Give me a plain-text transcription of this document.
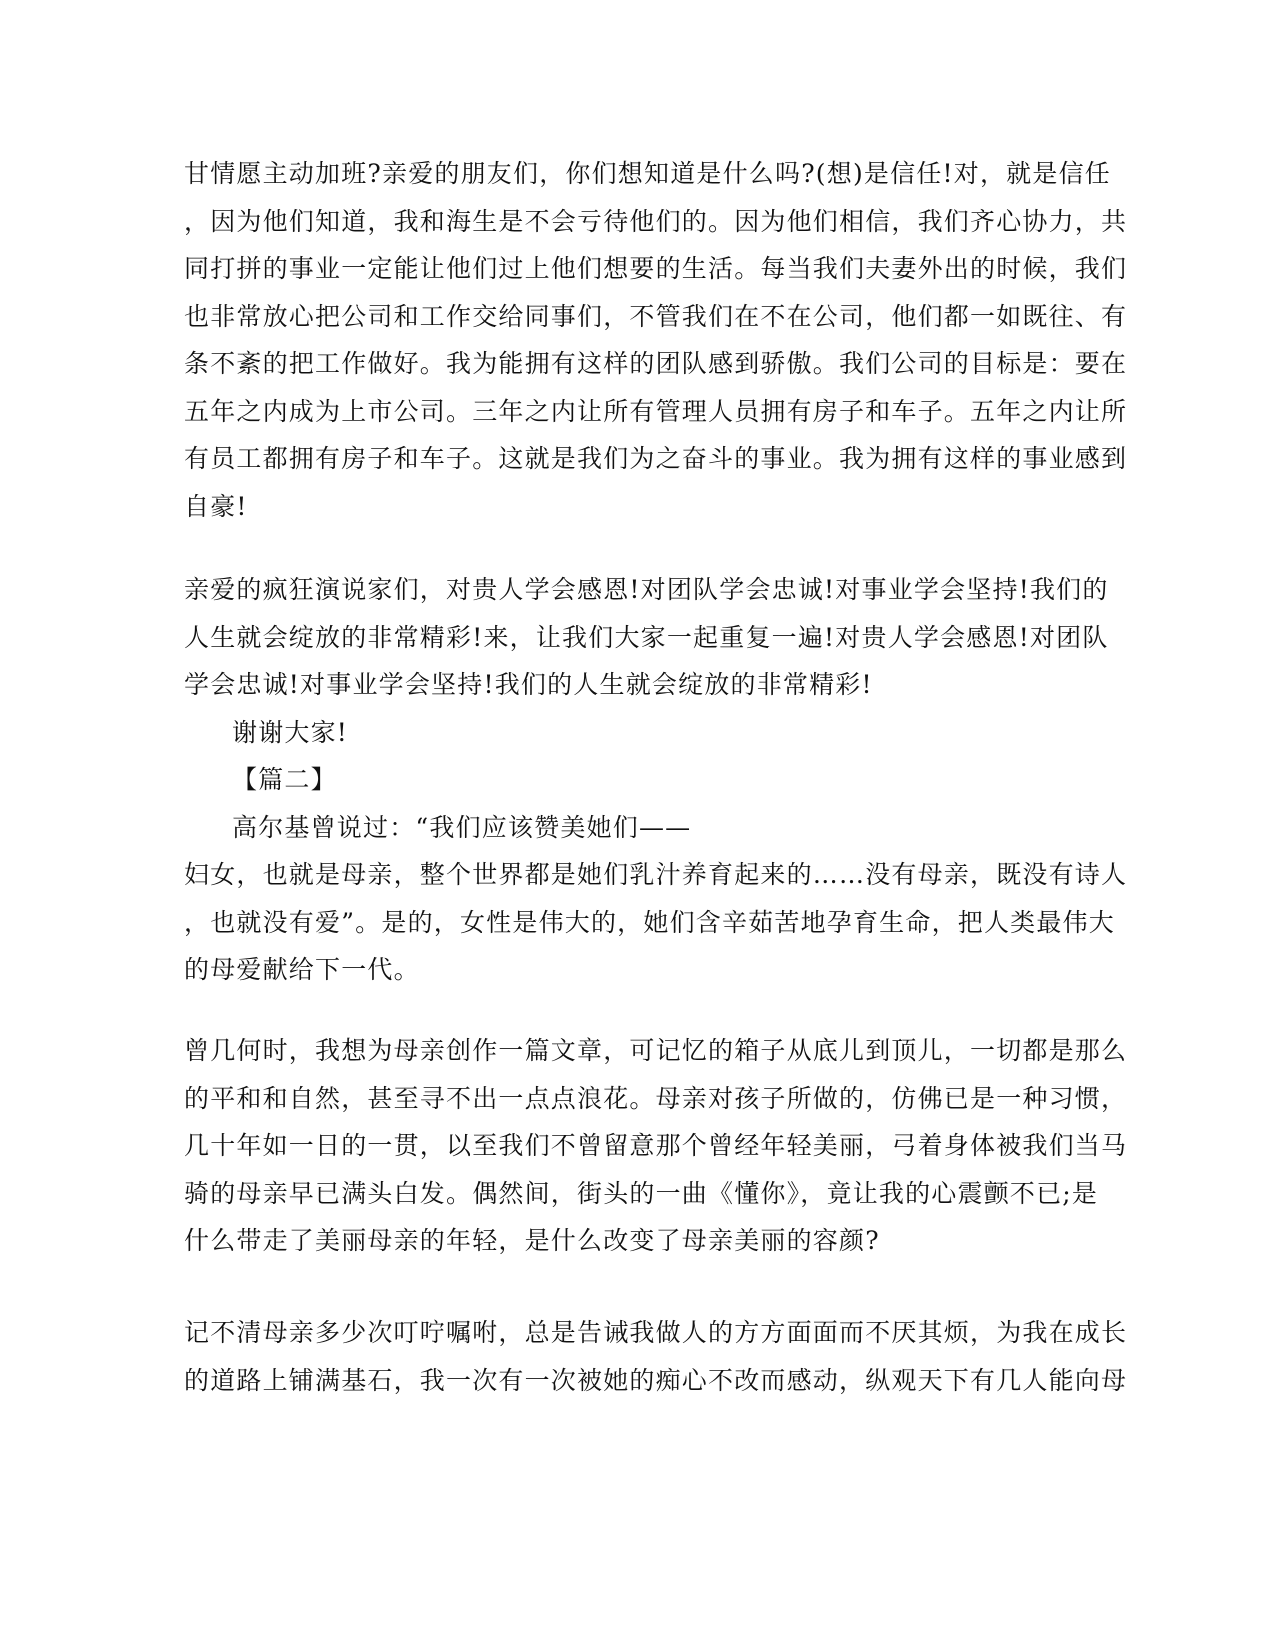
甘情愿主动加班?亲爱的朋友们，你们想知道是什么吗?(想)是信任!对，就是信任
，因为他们知道，我和海生是不会亏待他们的。因为他们相信，我们齐心协力，共
同打拼的事业一定能让他们过上他们想要的生活。每当我们夫妻外出的时候，我们
也非常放心把公司和工作交给同事们，不管我们在不在公司，他们都一如既往、有
条不紊的把工作做好。我为能拥有这样的团队感到骄傲。我们公司的目标是：要在
五年之内成为上市公司。三年之内让所有管理人员拥有房子和车子。五年之内让所
有员工都拥有房子和车子。这就是我们为之奋斗的事业。我为拥有这样的事业感到
自豪!
亲爱的疯狂演说家们，对贵人学会感恩!对团队学会忠诚!对事业学会坚持!我们的
人生就会绽放的非常精彩!来，让我们大家一起重复一遍!对贵人学会感恩!对团队
学会忠诚!对事业学会坚持!我们的人生就会绽放的非常精彩!
谢谢大家!
【篇二】
高尔基曾说过：“我们应该赞美她们——
妇女，也就是母亲，整个世界都是她们乳汁养育起来的……没有母亲，既没有诗人
，也就没有爱”。是的，女性是伟大的，她们含辛茹苦地孕育生命，把人类最伟大
的母爱献给下一代。
曾几何时，我想为母亲创作一篇文章，可记忆的箱子从底儿到顶儿，一切都是那么
的平和和自然，甚至寻不出一点点浪花。母亲对孩子所做的，仿佛已是一种习惯，
几十年如一日的一贯，以至我们不曾留意那个曾经年轻美丽，弓着身体被我们当马
骑的母亲早已满头白发。偶然间，街头的一曲《懂你》，竟让我的心震颤不已;是
什么带走了美丽母亲的年轻，是什么改变了母亲美丽的容颜?
记不清母亲多少次叮咛嘱咐，总是告诫我做人的方方面面而不厌其烦，为我在成长
的道路上铺满基石，我一次有一次被她的痴心不改而感动，纵观天下有几人能向母
